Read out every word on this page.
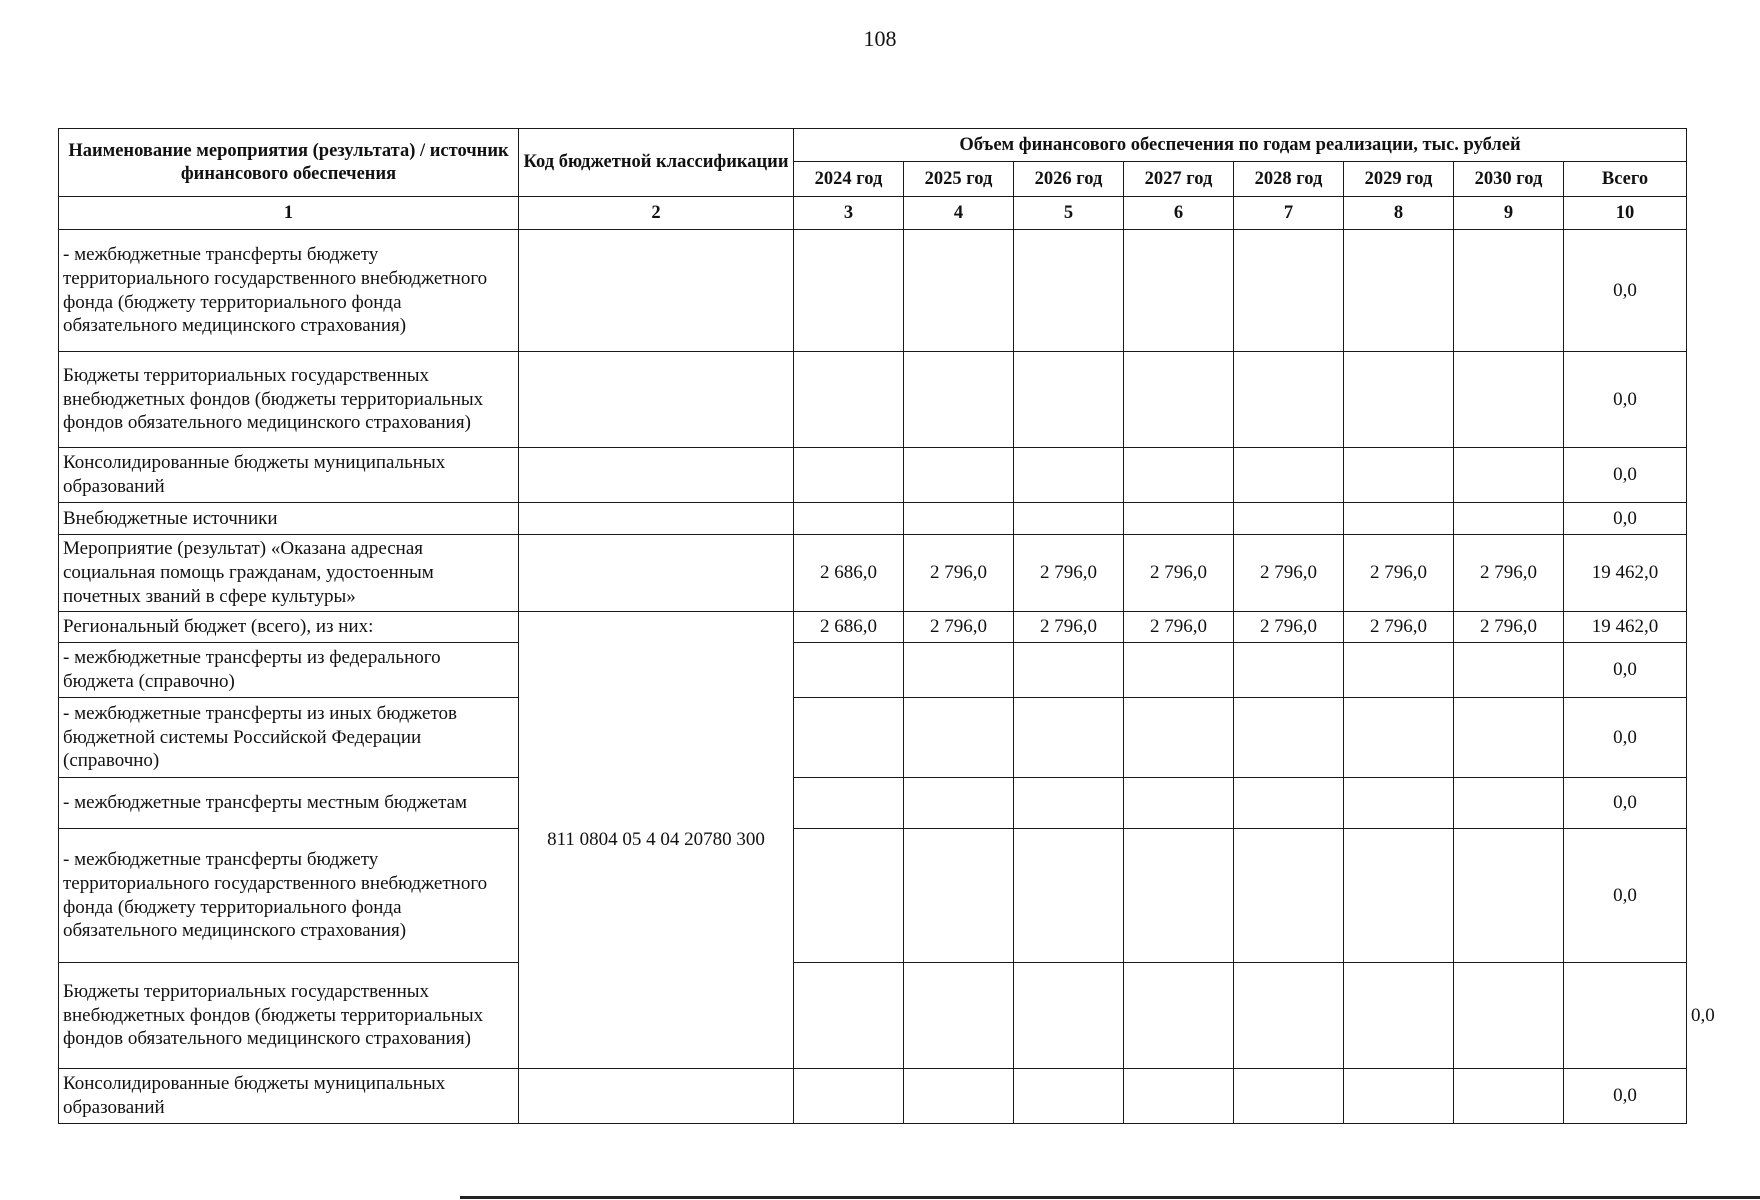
108
Наименование мероприятия (результата) / источник финансового обеспечения	Код бюджетной классификации	Объем финансового обеспечения по годам реализации, тыс. рублей								
		2024 год	2025 год	2026 год	2027 год	2028 год	2029 год	2030 год	Всего	
1	2	3	4	5	6	7	8	9	10	
- межбюджетные трансферты бюджету территориального государственного внебюджетного фонда (бюджету территориального фонда обязательного медицинского страхования)									0,0	
Бюджеты территориальных государственных внебюджетных фондов (бюджеты территориальных фондов обязательного медицинского страхования)									0,0	
Консолидированные бюджеты муниципальных образований									0,0	
Внебюджетные источники									0,0	
Мероприятие (результат) «Оказана адресная социальная помощь гражданам, удостоенным почетных званий в сфере культуры»		2 686,0	2 796,0	2 796,0	2 796,0	2 796,0	2 796,0	2 796,0	19 462,0	
Региональный бюджет (всего), из них:	811 0804 05 4 04 20780 300	2 686,0	2 796,0	2 796,0	2 796,0	2 796,0	2 796,0	2 796,0	19 462,0	
- межбюджетные трансферты из федерального бюджета (справочно)									0,0	
- межбюджетные трансферты из иных бюджетов бюджетной системы Российской Федерации (справочно)									0,0	
- межбюджетные трансферты местным бюджетам									0,0	
- межбюджетные трансферты бюджету территориального государственного внебюджетного фонда (бюджету территориального фонда обязательного медицинского страхования)									0,0	
Бюджеты территориальных государственных внебюджетных фондов (бюджеты территориальных фондов обязательного медицинского страхования)										0,0
Консолидированные бюджеты муниципальных образований									0,0	
